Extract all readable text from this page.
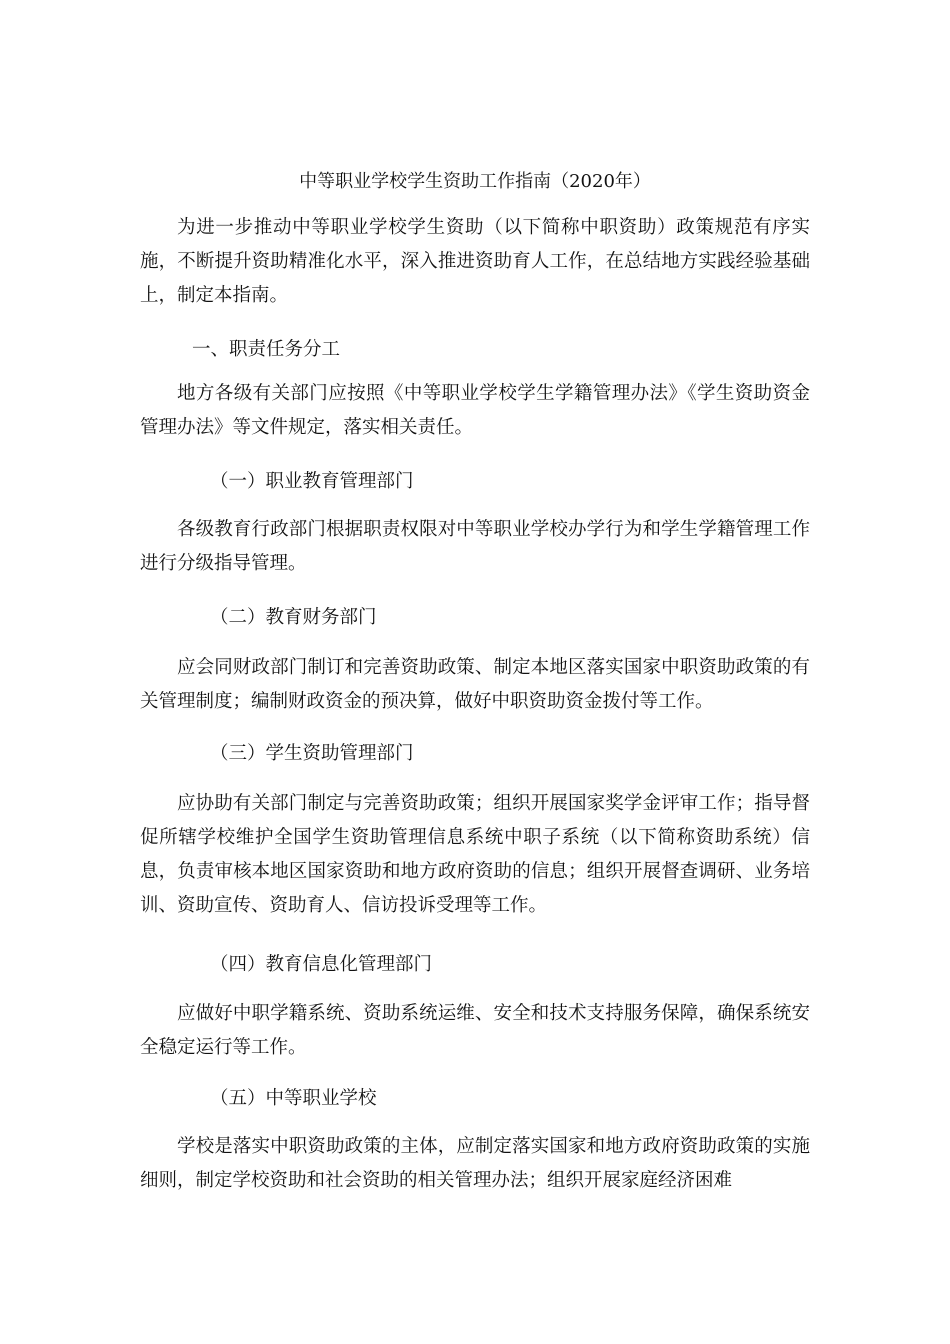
中等职业学校学生资助工作指南（2020年）

为进一步推动中等职业学校学生资助（以下简称中职资助）政策规范有序实施，不断提升资助精准化水平，深入推进资助育人工作，在总结地方实践经验基础上，制定本指南。

一、职责任务分工

地方各级有关部门应按照《中等职业学校学生学籍管理办法》《学生资助资金管理办法》等文件规定，落实相关责任。

（一）职业教育管理部门

各级教育行政部门根据职责权限对中等职业学校办学行为和学生学籍管理工作进行分级指导管理。

（二）教育财务部门

应会同财政部门制订和完善资助政策、制定本地区落实国家中职资助政策的有关管理制度；编制财政资金的预决算，做好中职资助资金拨付等工作。

（三）学生资助管理部门

应协助有关部门制定与完善资助政策；组织开展国家奖学金评审工作；指导督促所辖学校维护全国学生资助管理信息系统中职子系统（以下简称资助系统）信息，负责审核本地区国家资助和地方政府资助的信息；组织开展督查调研、业务培训、资助宣传、资助育人、信访投诉受理等工作。

（四）教育信息化管理部门

应做好中职学籍系统、资助系统运维、安全和技术支持服务保障，确保系统安全稳定运行等工作。

（五）中等职业学校

学校是落实中职资助政策的主体，应制定落实国家和地方政府资助政策的实施细则，制定学校资助和社会资助的相关管理办法；组织开展家庭经济困难
